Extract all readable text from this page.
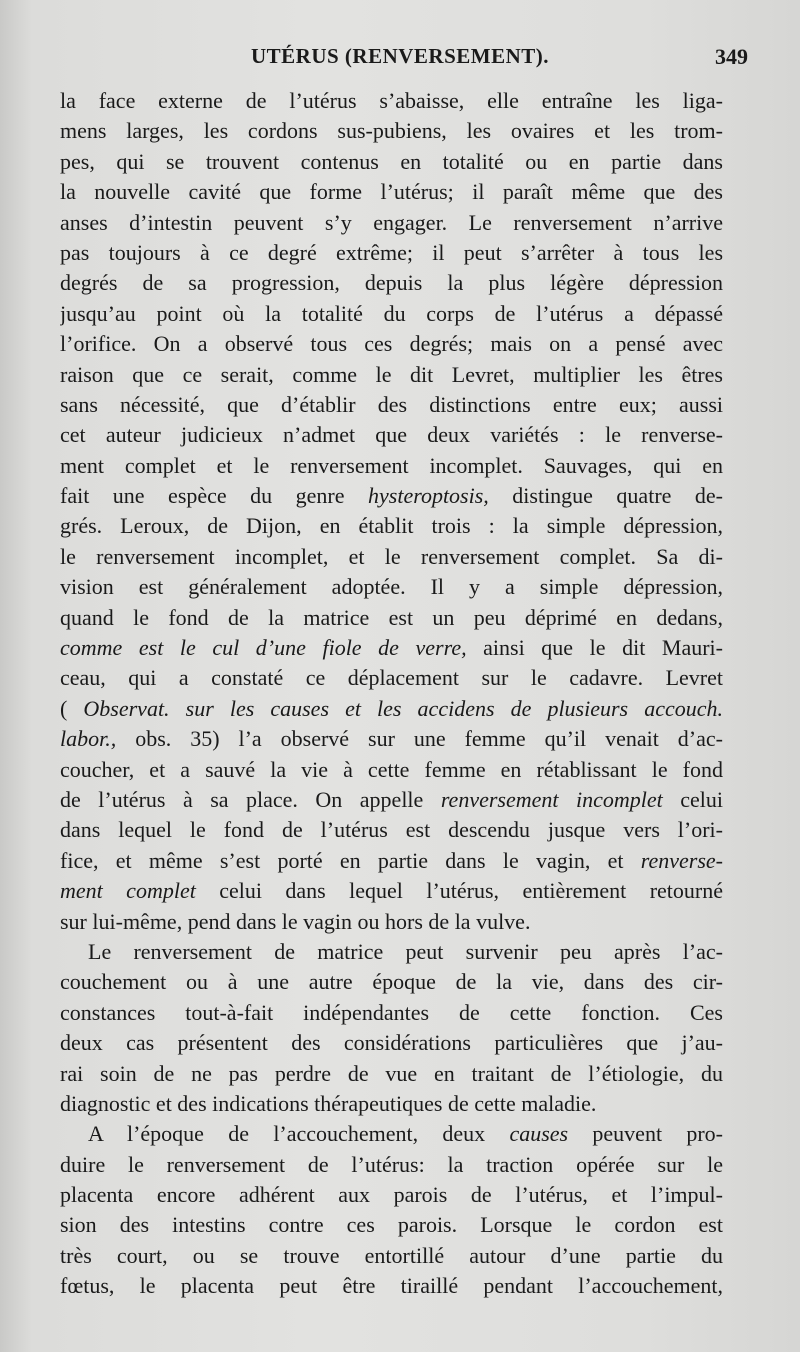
UTÉRUS (RENVERSEMENT).	349
la face externe de l’utérus s’abaisse, elle entraîne les liga-
mens larges, les cordons sus-pubiens, les ovaires et les trom-
pes, qui se trouvent contenus en totalité ou en partie dans
la nouvelle cavité que forme l’utérus; il paraît même que des
anses d’intestin peuvent s’y engager. Le renversement n’arrive
pas toujours à ce degré extrême; il peut s’arrêter à tous les
degrés de sa progression, depuis la plus légère dépression
jusqu’au point où la totalité du corps de l’utérus a dépassé
l’orifice. On a observé tous ces degrés; mais on a pensé avec
raison que ce serait, comme le dit Levret, multiplier les êtres
sans nécessité, que d’établir des distinctions entre eux; aussi
cet auteur judicieux n’admet que deux variétés : le renverse-
ment complet et le renversement incomplet. Sauvages, qui en
fait une espèce du genre hysteroptosis, distingue quatre de-
grés. Leroux, de Dijon, en établit trois : la simple dépression,
le renversement incomplet, et le renversement complet. Sa di-
vision est généralement adoptée. Il y a simple dépression,
quand le fond de la matrice est un peu déprimé en dedans,
comme est le cul d’une fiole de verre, ainsi que le dit Mauri-
ceau, qui a constaté ce déplacement sur le cadavre. Levret
( Observat. sur les causes et les accidens de plusieurs accouch.
labor., obs. 35) l’a observé sur une femme qu’il venait d’ac-
coucher, et a sauvé la vie à cette femme en rétablissant le fond
de l’utérus à sa place. On appelle renversement incomplet celui
dans lequel le fond de l’utérus est descendu jusque vers l’ori-
fice, et même s’est porté en partie dans le vagin, et renverse-
ment complet celui dans lequel l’utérus, entièrement retourné
sur lui-même, pend dans le vagin ou hors de la vulve.
Le renversement de matrice peut survenir peu après l’ac-
couchement ou à une autre époque de la vie, dans des cir-
constances tout-à-fait indépendantes de cette fonction. Ces
deux cas présentent des considérations particulières que j’au-
rai soin de ne pas perdre de vue en traitant de l’étiologie, du
diagnostic et des indications thérapeutiques de cette maladie.
A l’époque de l’accouchement, deux causes peuvent pro-
duire le renversement de l’utérus: la traction opérée sur le
placenta encore adhérent aux parois de l’utérus, et l’impul-
sion des intestins contre ces parois. Lorsque le cordon est
très court, ou se trouve entortillé autour d’une partie du
fœtus, le placenta peut être tiraillé pendant l’accouchement,
